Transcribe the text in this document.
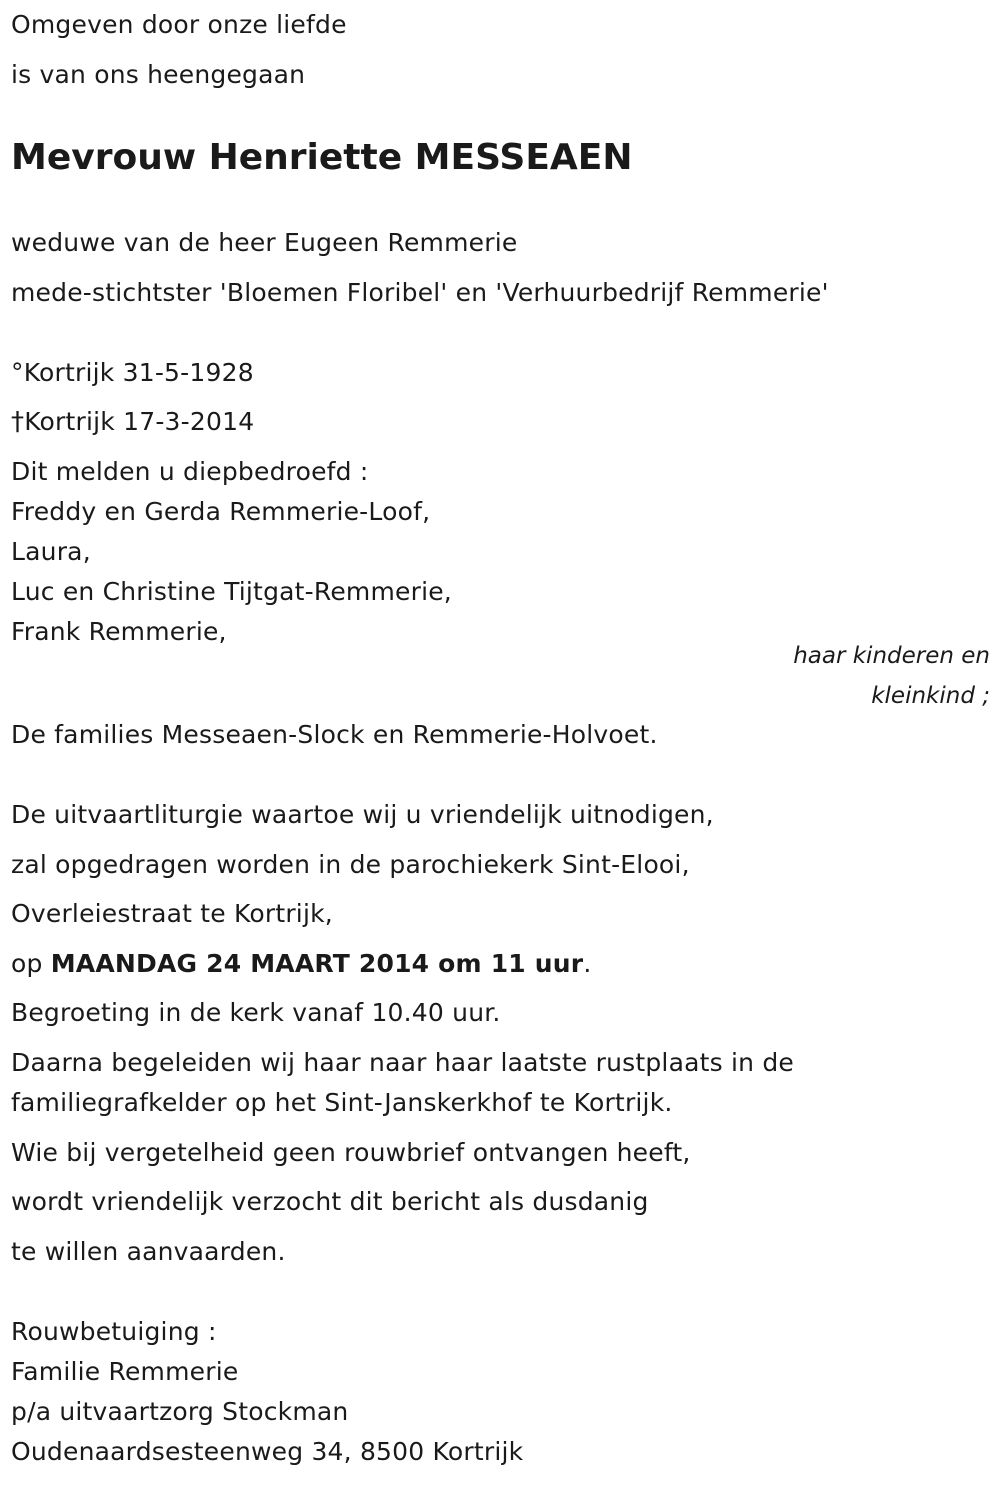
Omgeven door onze liefde
is van ons heengegaan
Mevrouw Henriette MESSEAEN
weduwe van de heer Eugeen Remmerie
mede-stichtster 'Bloemen Floribel' en 'Verhuurbedrijf Remmerie'
°Kortrijk 31-5-1928
†Kortrijk 17-3-2014
Dit melden u diepbedroefd :
Freddy en Gerda Remmerie-Loof,
Laura,
Luc en Christine Tijtgat-Remmerie,
Frank Remmerie,
haar kinderen en
kleinkind ;
De families Messeaen-Slock en Remmerie-Holvoet.
De uitvaartliturgie waartoe wij u vriendelijk uitnodigen,
zal opgedragen worden in de parochiekerk Sint-Elooi,
Overleiestraat te Kortrijk,
op MAANDAG 24 MAART 2014 om 11 uur.
Begroeting in de kerk vanaf 10.40 uur.
Daarna begeleiden wij haar naar haar laatste rustplaats in de
familiegrafkelder op het Sint-Janskerkhof te Kortrijk.
Wie bij vergetelheid geen rouwbrief ontvangen heeft,
wordt vriendelijk verzocht dit bericht als dusdanig
te willen aanvaarden.
Rouwbetuiging :
Familie Remmerie
p/a uitvaartzorg Stockman
Oudenaardsesteenweg 34, 8500 Kortrijk
